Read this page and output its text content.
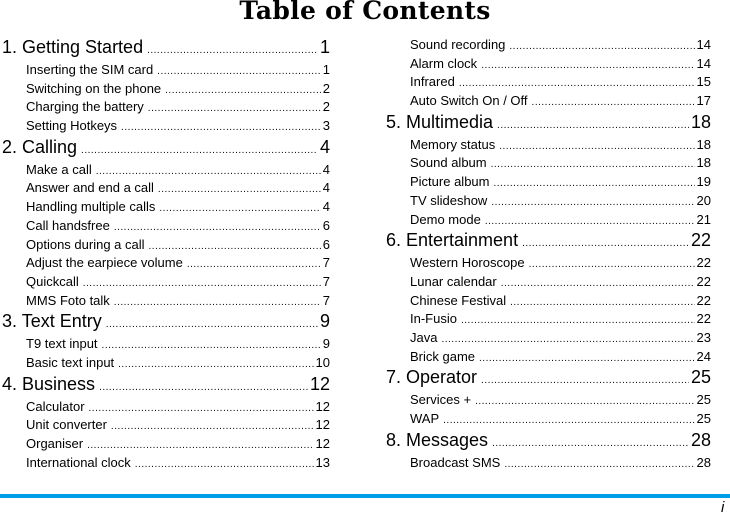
Table of Contents
1. Getting Started .....	1
Inserting the SIM card .....	1
Switching on the phone .....	2
Charging the battery .....	2
Setting Hotkeys .....	3
2. Calling .....	4
Make a call .....	4
Answer and end a call .....	4
Handling multiple calls .....	4
Call handsfree .....	6
Options during a call .....	6
Adjust the earpiece volume .....	7
Quickcall .....	7
MMS Foto talk .....	7
3. Text Entry .....	9
T9 text input .....	9
Basic text input .....	10
4. Business .....	12
Calculator .....	12
Unit converter .....	12
Organiser .....	12
International clock .....	13
Sound recording .....	14
Alarm clock .....	14
Infrared .....	15
Auto Switch On / Off .....	17
5. Multimedia .....	18
Memory status .....	18
Sound album .....	18
Picture album .....	19
TV slideshow .....	20
Demo mode .....	21
6. Entertainment .....	22
Western Horoscope .....	22
Lunar calendar .....	22
Chinese Festival .....	22
In-Fusio .....	22
Java .....	23
Brick game .....	24
7. Operator .....	25
Services + .....	25
WAP .....	25
8. Messages .....	28
Broadcast SMS .....	28
i
